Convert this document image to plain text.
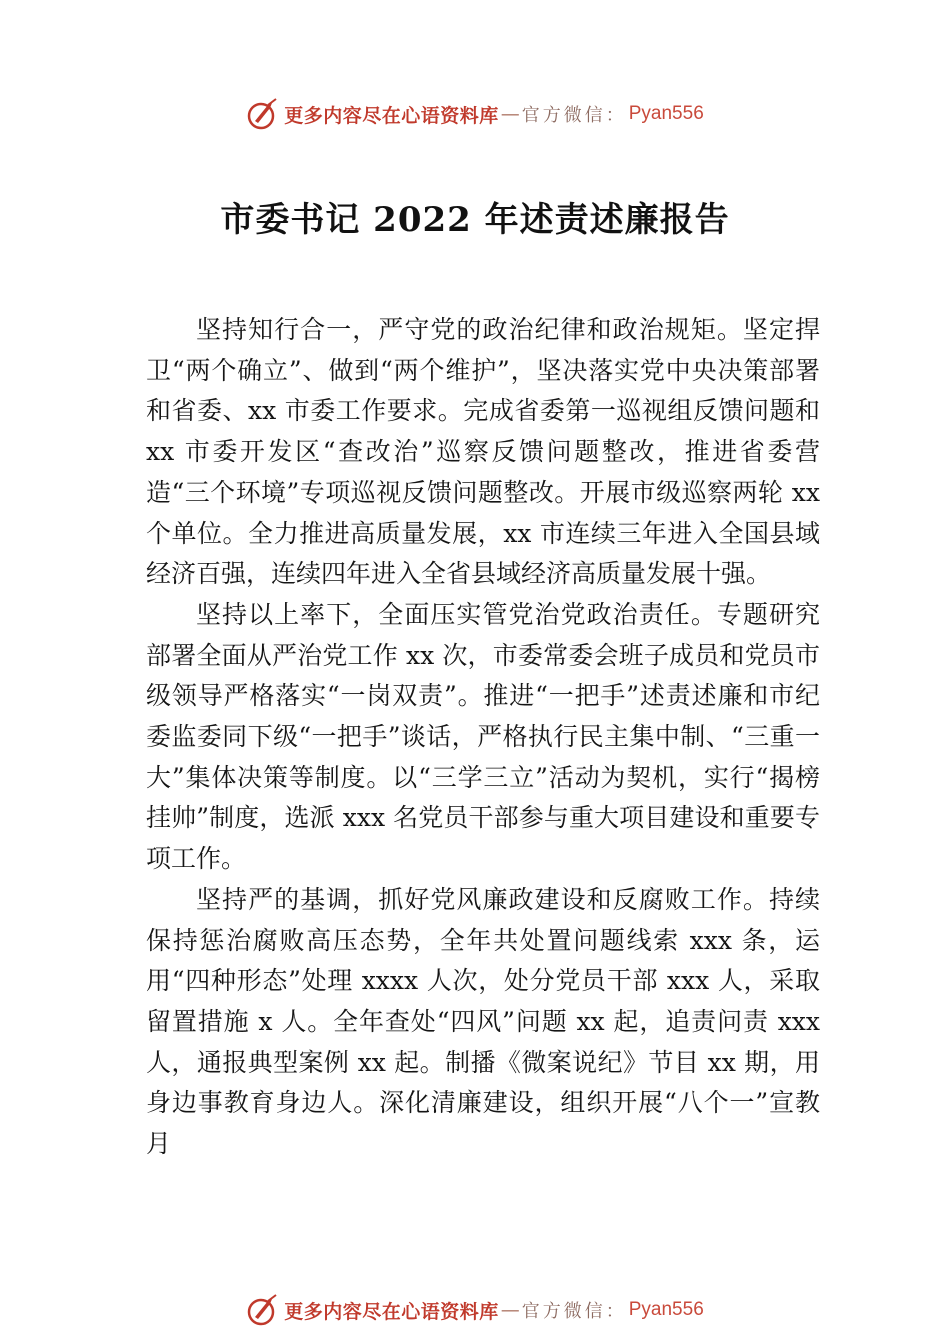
更多内容尽在心语资料库 — 官方微信： Pyan556
市委书记 2022 年述责述廉报告

坚持知行合一，严守党的政治纪律和政治规矩。坚定捍卫“两个确立”、做到“两个维护”，坚决落实党中央决策部署和省委、xx 市委工作要求。完成省委第一巡视组反馈问题和 xx 市委开发区“查改治”巡察反馈问题整改，推进省委营造“三个环境”专项巡视反馈问题整改。开展市级巡察两轮 xx 个单位。全力推进高质量发展，xx 市连续三年进入全国县域经济百强，连续四年进入全省县域经济高质量发展十强。

坚持以上率下，全面压实管党治党政治责任。专题研究部署全面从严治党工作 xx 次，市委常委会班子成员和党员市级领导严格落实“一岗双责”。推进“一把手”述责述廉和市纪委监委同下级“一把手”谈话，严格执行民主集中制、“三重一大”集体决策等制度。以“三学三立”活动为契机，实行“揭榜挂帅”制度，选派 xxx 名党员干部参与重大项目建设和重要专项工作。

坚持严的基调，抓好党风廉政建设和反腐败工作。持续保持惩治腐败高压态势，全年共处置问题线索 xxx 条，运用“四种形态”处理 xxxx 人次，处分党员干部 xxx 人，采取留置措施 x 人。全年查处“四风”问题 xx 起，追责问责 xxx 人，通报典型案例 xx 起。制播《微案说纪》节目 xx 期，用身边事教育身边人。深化清廉建设，组织开展“八个一”宣教月

更多内容尽在心语资料库 — 官方微信： Pyan556
